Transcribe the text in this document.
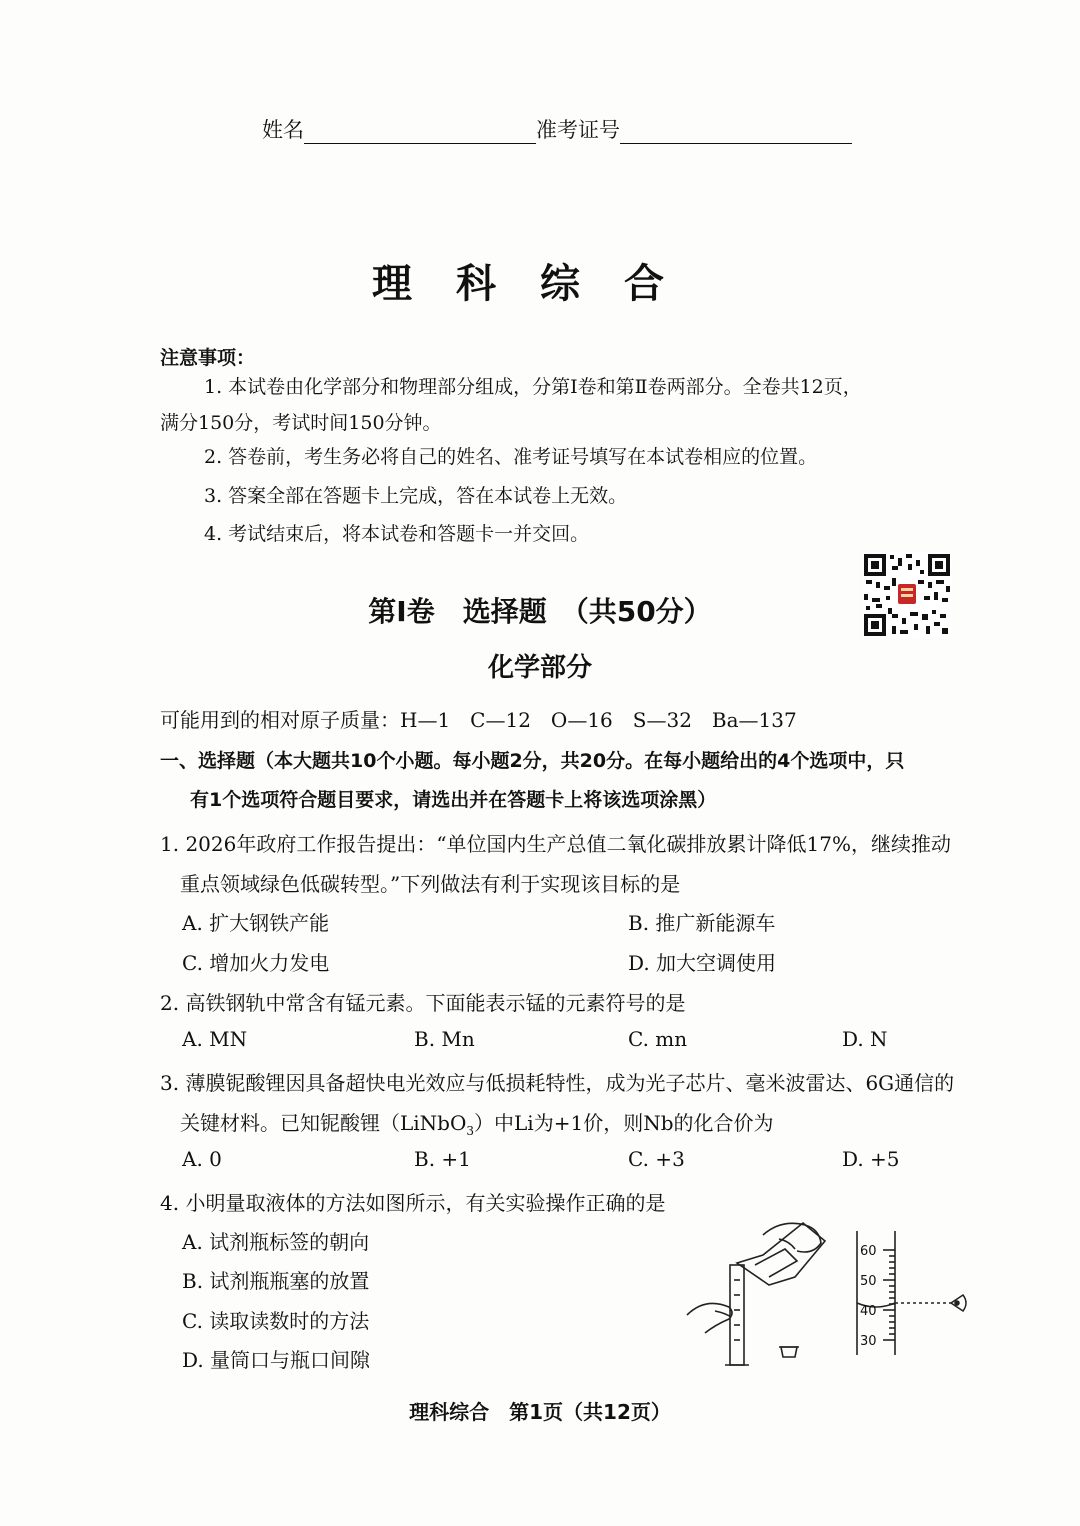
姓名	准考证号
理科综合
注意事项：
1. 本试卷由化学部分和物理部分组成，分第Ⅰ卷和第Ⅱ卷两部分。全卷共12页，
满分150分，考试时间150分钟。
2. 答卷前，考生务必将自己的姓名、准考证号填写在本试卷相应的位置。
3. 答案全部在答题卡上完成，答在本试卷上无效。
4. 考试结束后，将本试卷和答题卡一并交回。
第Ⅰ卷　选择题　（共50分）
化学部分
可能用到的相对原子质量：H—1　C—12　O—16　S—32　Ba—137
一、选择题（本大题共10个小题。每小题2分，共20分。在每小题给出的4个选项中，只
有1个选项符合题目要求，请选出并在答题卡上将该选项涂黑）
1. 2026年政府工作报告提出：“单位国内生产总值二氧化碳排放累计降低17%，继续推动
重点领域绿色低碳转型。”下列做法有利于实现该目标的是
A. 扩大钢铁产能	B. 推广新能源车
C. 增加火力发电	D. 加大空调使用
2. 高铁钢轨中常含有锰元素。下面能表示锰的元素符号的是
A. MN	B. Mn	C. mn	D. N
3. 薄膜铌酸锂因具备超快电光效应与低损耗特性，成为光子芯片、毫米波雷达、6G通信的
关键材料。已知铌酸锂（LiNbO$_3$）中Li为+1价，则Nb的化合价为
A. 0	B. +1	C. +3	D. +5
4. 小明量取液体的方法如图所示，有关实验操作正确的是
A. 试剂瓶标签的朝向
B. 试剂瓶瓶塞的放置
C. 读取读数时的方法
D. 量筒口与瓶口间隙
60
50
40
30
理科综合　第1页（共12页）
